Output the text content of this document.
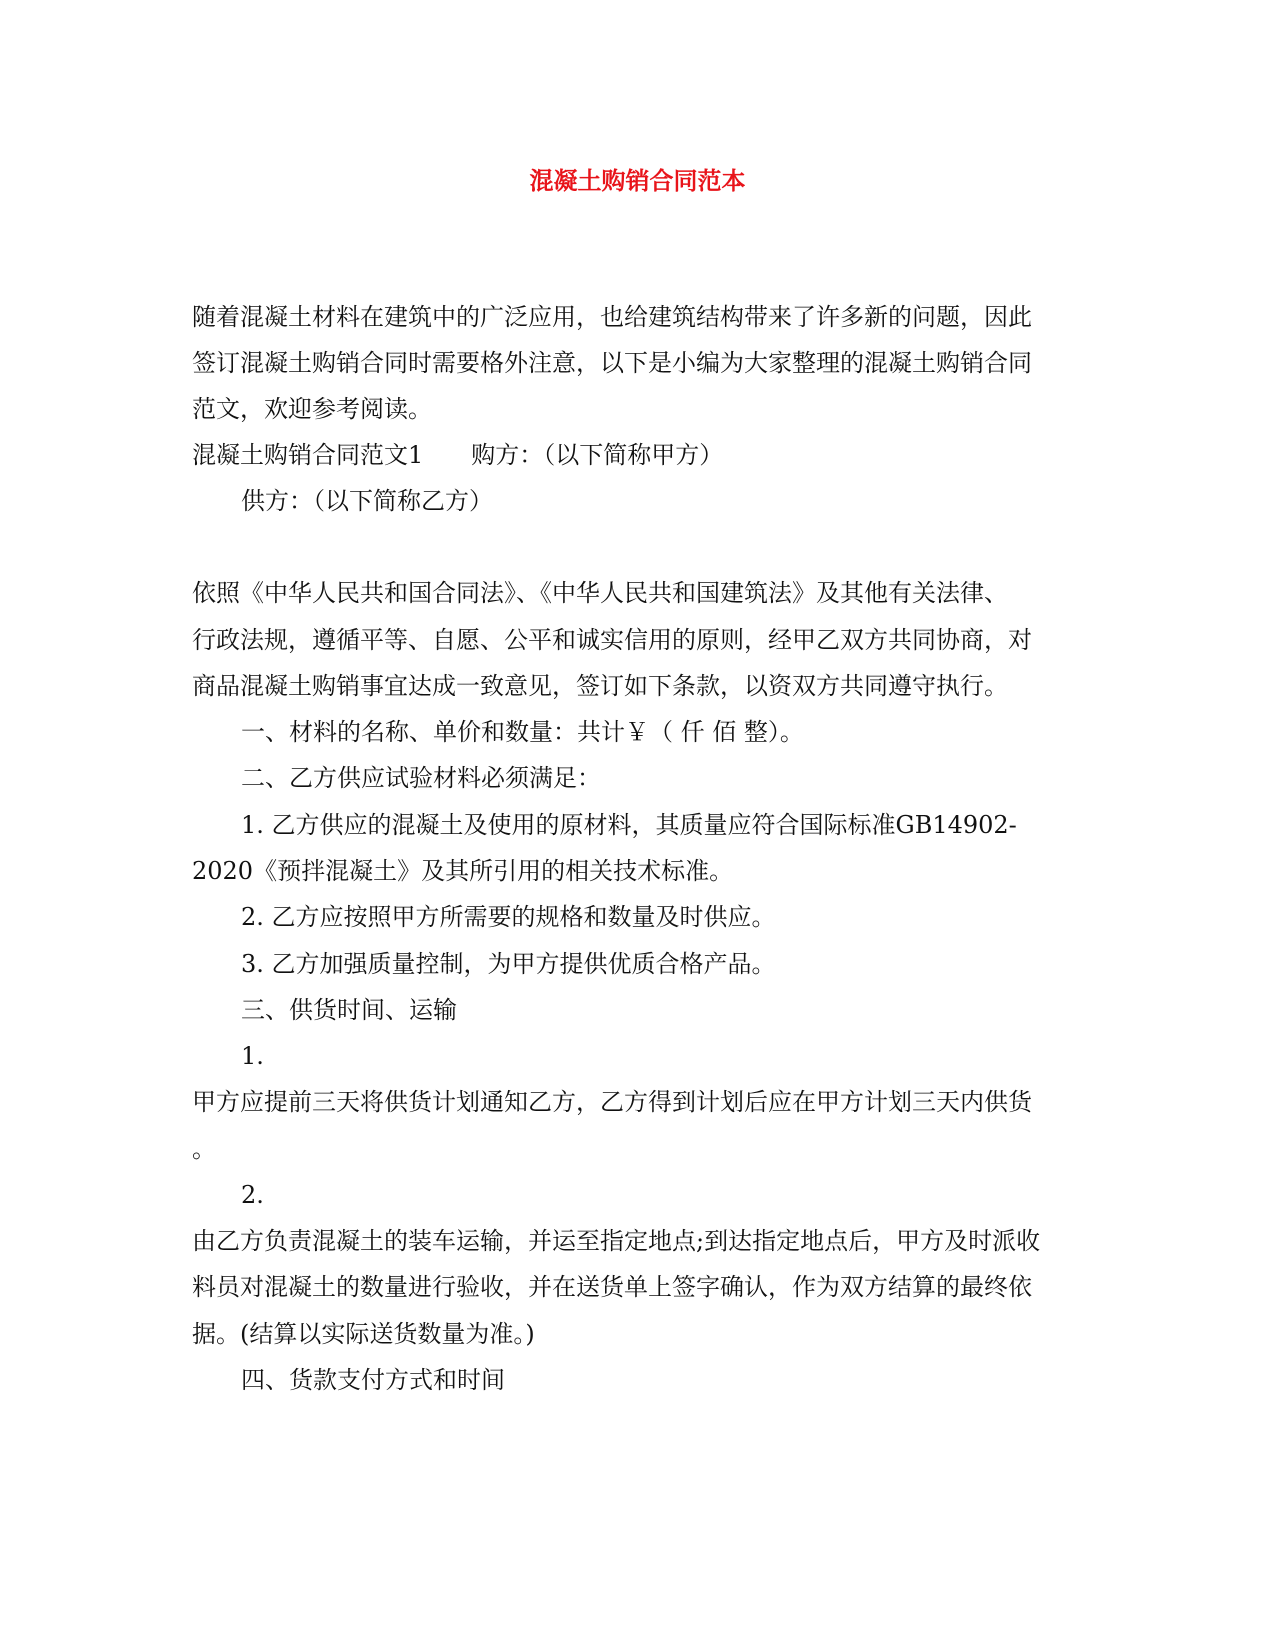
混凝土购销合同范本
随着混凝土材料在建筑中的广泛应用，也给建筑结构带来了许多新的问题，因此
签订混凝土购销合同时需要格外注意，以下是小编为大家整理的混凝土购销合同
范文，欢迎参考阅读。
混凝土购销合同范文1 购方：（以下简称甲方）
供方：（以下简称乙方）
依照《中华人民共和国合同法》、《中华人民共和国建筑法》及其他有关法律、
行政法规，遵循平等、自愿、公平和诚实信用的原则，经甲乙双方共同协商，对
商品混凝土购销事宜达成一致意见，签订如下条款，以资双方共同遵守执行。
一、材料的名称、单价和数量：共计￥（ 仟 佰 整）。
二、乙方供应试验材料必须满足：
1. 乙方供应的混凝土及使用的原材料，其质量应符合国际标准GB14902-
2020《预拌混凝土》及其所引用的相关技术标准。
2. 乙方应按照甲方所需要的规格和数量及时供应。
3. 乙方加强质量控制，为甲方提供优质合格产品。
三、供货时间、运输
1.
甲方应提前三天将供货计划通知乙方，乙方得到计划后应在甲方计划三天内供货
。
2.
由乙方负责混凝土的装车运输，并运至指定地点;到达指定地点后，甲方及时派收
料员对混凝土的数量进行验收，并在送货单上签字确认，作为双方结算的最终依
据。(结算以实际送货数量为准。)
四、货款支付方式和时间
